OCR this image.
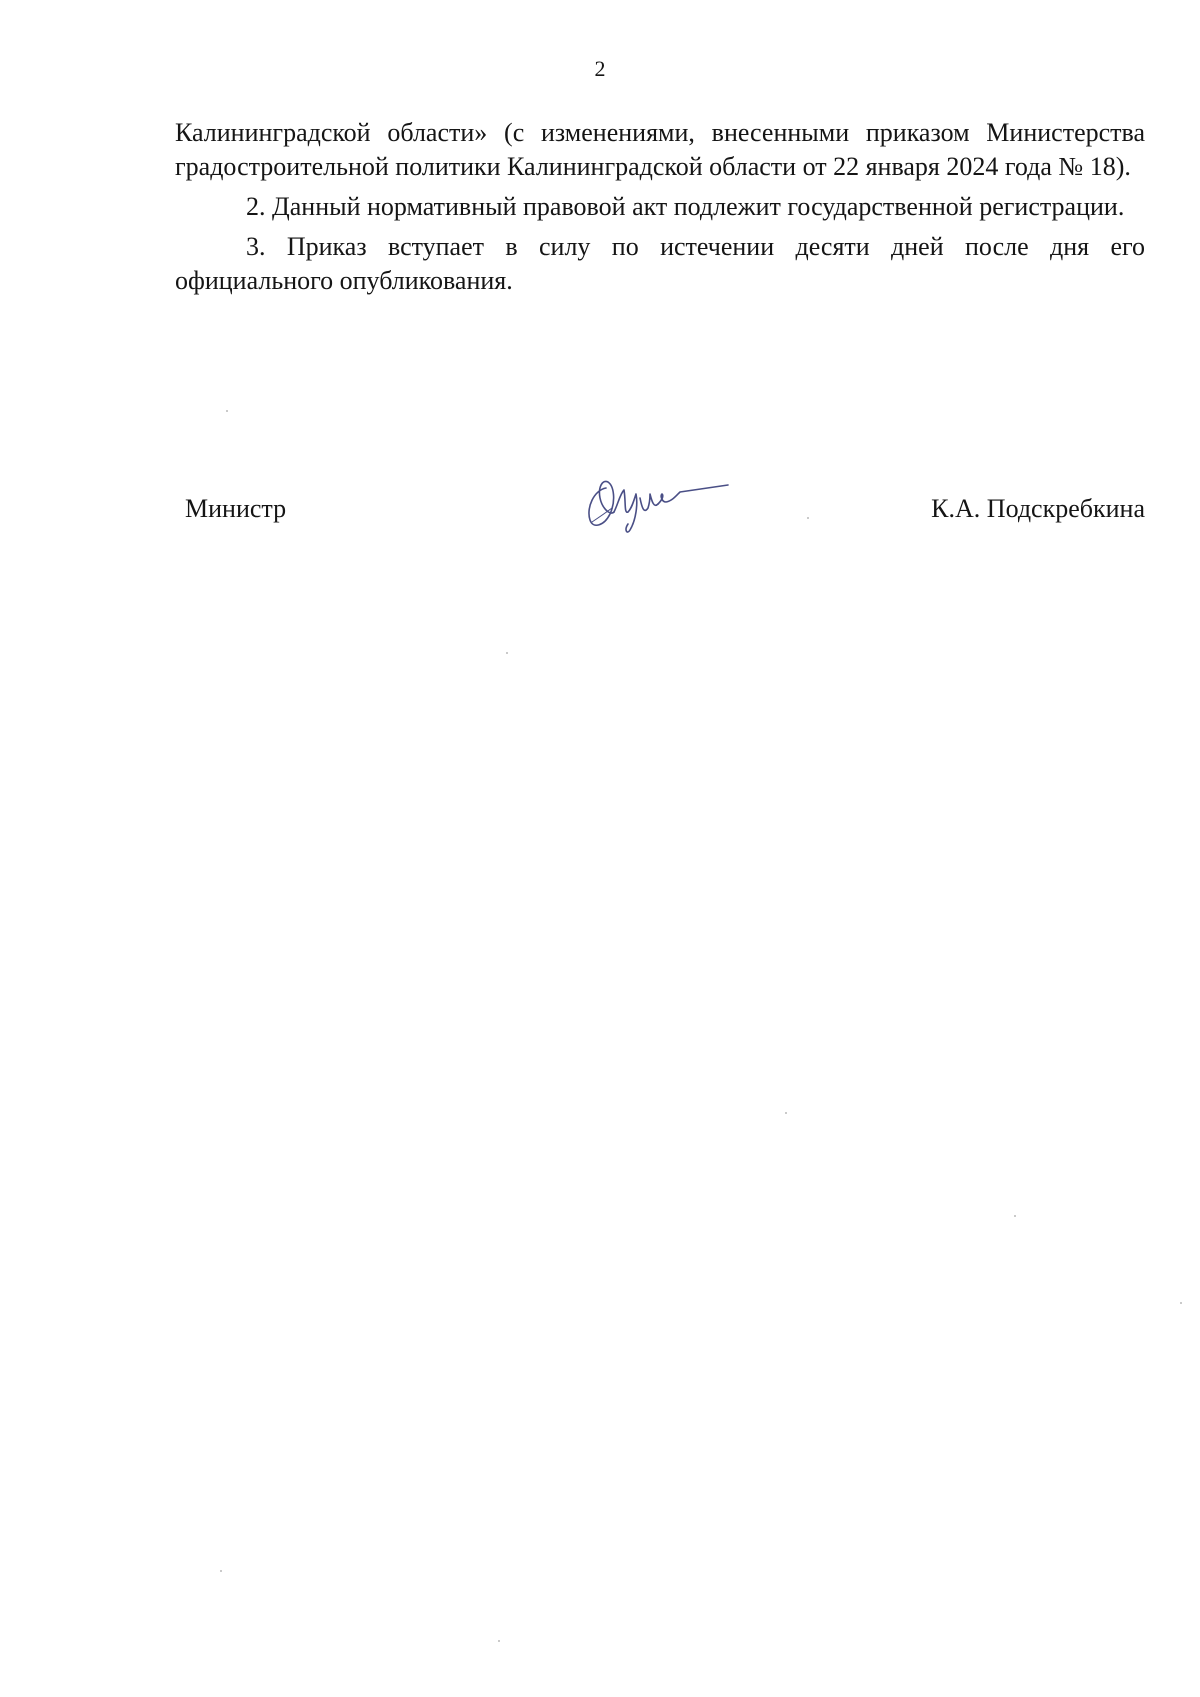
2

Калининградской области» (с изменениями, внесенными приказом Министерства градостроительной политики Калининградской области от 22 января 2024 года № 18).

2. Данный нормативный правовой акт подлежит государственной регистрации.

3. Приказ вступает в силу по истечении десяти дней после дня его официального опубликования.

Министр	К.А. Подскребкина
